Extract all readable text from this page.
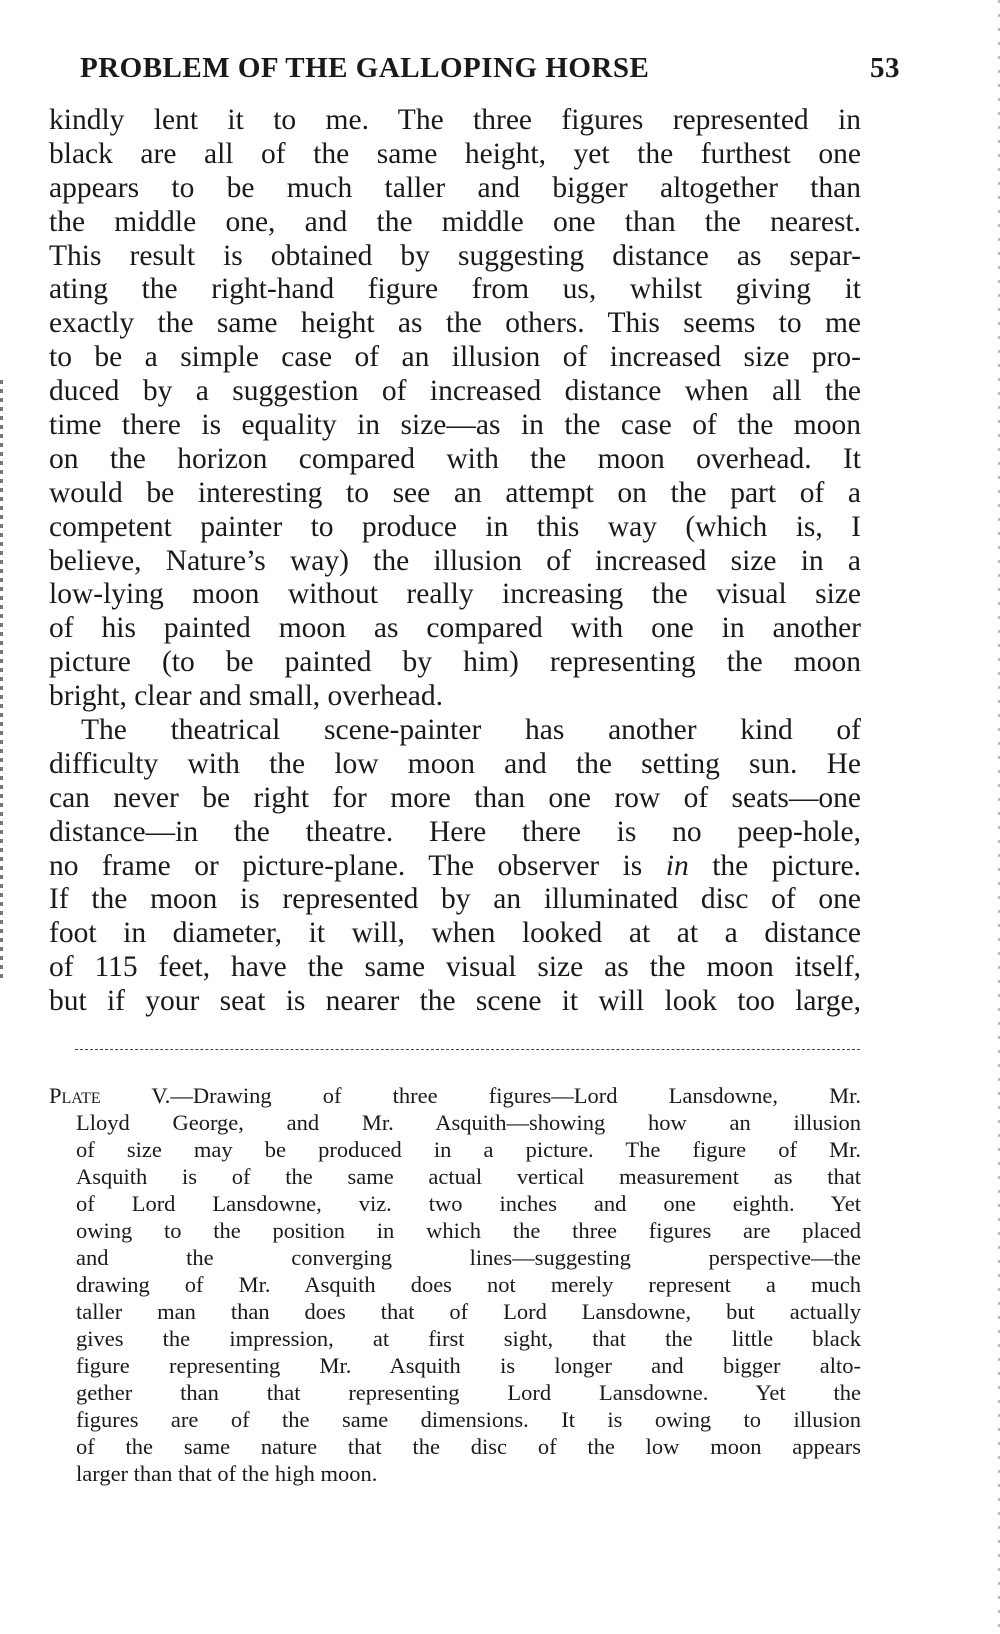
PROBLEM OF THE GALLOPING HORSE	53
kindly lent it to me. The three figures represented in
black are all of the same height, yet the furthest one
appears to be much taller and bigger altogether than
the middle one, and the middle one than the nearest.
This result is obtained by suggesting distance as separ-
ating the right-hand figure from us, whilst giving it
exactly the same height as the others. This seems to me
to be a simple case of an illusion of increased size pro-
duced by a suggestion of increased distance when all the
time there is equality in size—as in the case of the moon
on the horizon compared with the moon overhead. It
would be interesting to see an attempt on the part of a
competent painter to produce in this way (which is, I
believe, Nature’s way) the illusion of increased size in a
low-lying moon without really increasing the visual size
of his painted moon as compared with one in another
picture (to be painted by him) representing the moon
bright, clear and small, overhead.
The theatrical scene-painter has another kind of
difficulty with the low moon and the setting sun. He
can never be right for more than one row of seats—one
distance—in the theatre. Here there is no peep-hole,
no frame or picture-plane. The observer is in the picture.
If the moon is represented by an illuminated disc of one
foot in diameter, it will, when looked at at a distance
of 115 feet, have the same visual size as the moon itself,
but if your seat is nearer the scene it will look too large,
Plate V.—Drawing of three figures—Lord Lansdowne, Mr.
Lloyd George, and Mr. Asquith—showing how an illusion
of size may be produced in a picture. The figure of Mr.
Asquith is of the same actual vertical measurement as that
of Lord Lansdowne, viz. two inches and one eighth. Yet
owing to the position in which the three figures are placed
and the converging lines—suggesting perspective—the
drawing of Mr. Asquith does not merely represent a much
taller man than does that of Lord Lansdowne, but actually
gives the impression, at first sight, that the little black
figure representing Mr. Asquith is longer and bigger alto-
gether than that representing Lord Lansdowne. Yet the
figures are of the same dimensions. It is owing to illusion
of the same nature that the disc of the low moon appears
larger than that of the high moon.
